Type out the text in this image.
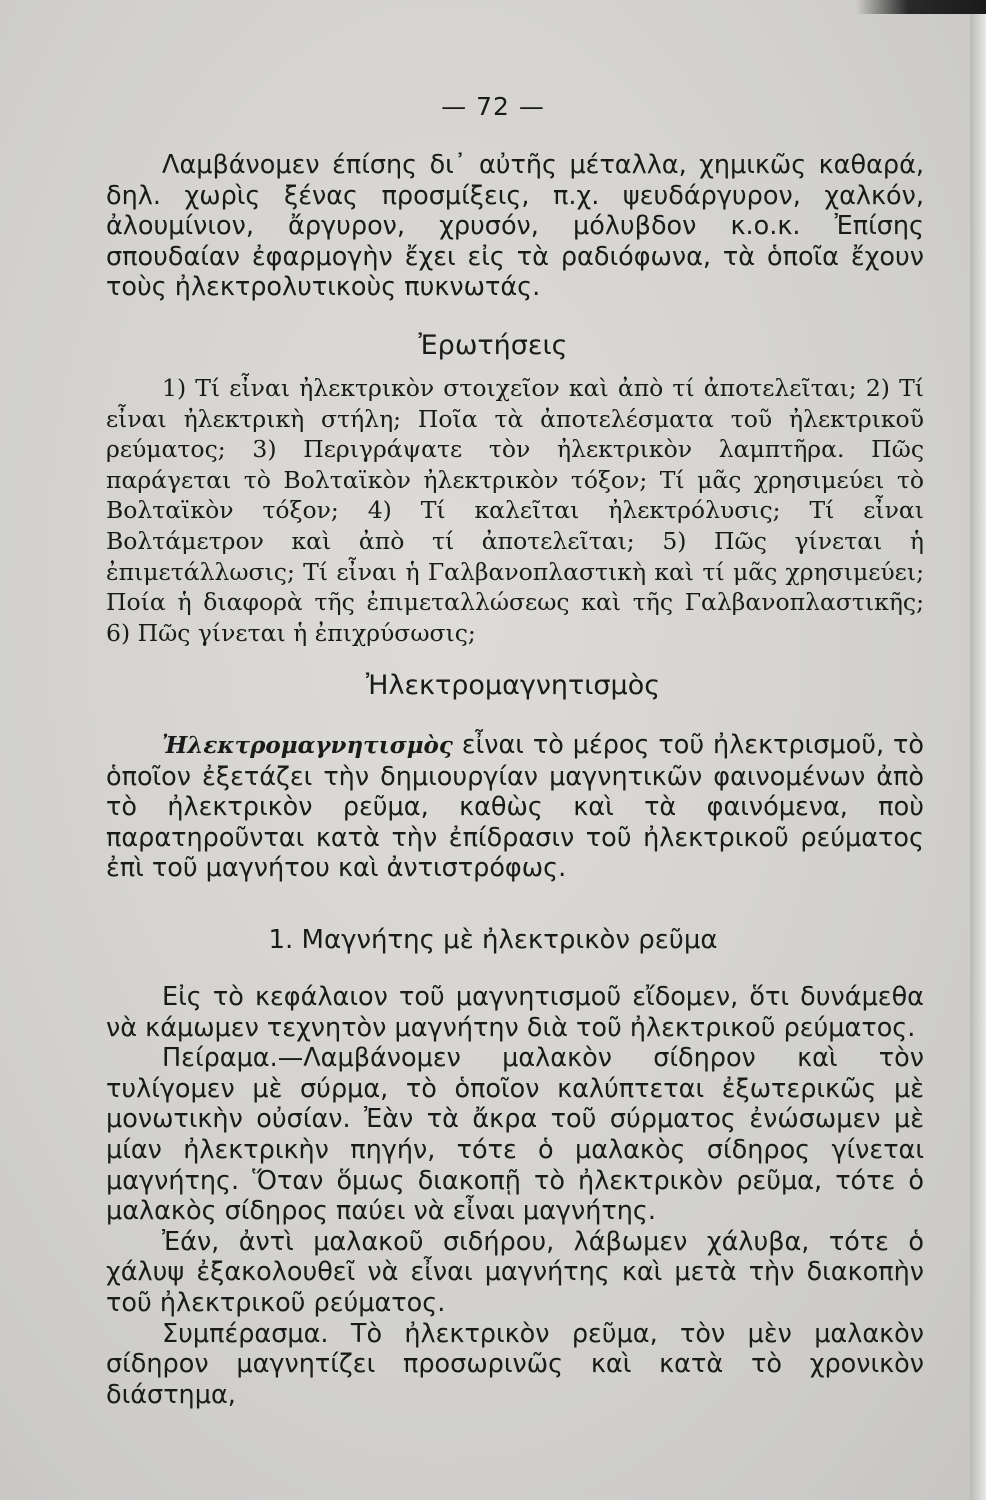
— 72 —

Λαμβάνομεν έπίσης δι᾽ αὐτῆς μέταλλα, χημικῶς καθαρά, δηλ. χωρὶς ξένας προσμίξεις, π.χ. ψευδάργυρον, χαλκόν, ἀλουμίνιον, ἄργυρον, χρυσόν, μόλυβδον κ.ο.κ. Ἐπίσης σπουδαίαν ἐφαρμογὴν ἔχει εἰς τὰ ραδιόφωνα, τὰ ὁποῖα ἔχουν τοὺς ἠλεκτρολυτικοὺς πυκνωτάς.

Ἐρωτήσεις

1) Τί εἶναι ἠλεκτρικὸν στοιχεῖον καὶ ἀπὸ τί ἀποτελεῖται; 2) Τί εἶναι ἠλεκτρικὴ στήλη; Ποῖα τὰ ἀποτελέσματα τοῦ ἠλεκτρικοῦ ρεύματος; 3) Περιγράψατε τὸν ἠλεκτρικὸν λαμπτῆρα. Πῶς παράγεται τὸ Βολταϊκὸν ἠλεκτρικὸν τόξον; Τί μᾶς χρησιμεύει τὸ Βολταϊκὸν τόξον; 4) Τί καλεῖται ἠλεκτρόλυσις; Τί εἶναι Βολτάμετρον καὶ ἀπὸ τί ἀποτελεῖται; 5) Πῶς γίνεται ἡ ἐπιμετάλλωσις; Τί εἶναι ἡ Γαλβανοπλαστικὴ καὶ τί μᾶς χρησιμεύει; Ποία ἡ διαφορὰ τῆς ἐπιμεταλλώσεως καὶ τῆς Γαλβανοπλαστικῆς; 6) Πῶς γίνεται ἡ ἐπιχρύσωσις;

Ἠλεκτρομαγνητισμὸς

Ἠλεκτρομαγνητισμὸς εἶναι τὸ μέρος τοῦ ἠλεκτρισμοῦ, τὸ ὁποῖον ἐξετάζει τὴν δημιουργίαν μαγνητικῶν φαινομένων ἀπὸ τὸ ἠλεκτρικὸν ρεῦμα, καθὼς καὶ τὰ φαινόμενα, ποὺ παρατηροῦνται κατὰ τὴν ἐπίδρασιν τοῦ ἠλεκτρικοῦ ρεύματος ἐπὶ τοῦ μαγνήτου καὶ ἀντιστρόφως.

1. Μαγνήτης μὲ ἠλεκτρικὸν ρεῦμα

Εἰς τὸ κεφάλαιον τοῦ μαγνητισμοῦ εἴδομεν, ὅτι δυνάμεθα νὰ κάμωμεν τεχνητὸν μαγνήτην διὰ τοῦ ἠλεκτρικοῦ ρεύματος.

Πείραμα.—Λαμβάνομεν μαλακὸν σίδηρον καὶ τὸν τυλίγομεν μὲ σύρμα, τὸ ὁποῖον καλύπτεται ἐξωτερικῶς μὲ μονωτικὴν οὐσίαν. Ἐὰν τὰ ἄκρα τοῦ σύρματος ἐνώσωμεν μὲ μίαν ἠλεκτρικὴν πηγήν, τότε ὁ μαλακὸς σίδηρος γίνεται μαγνήτης. Ὅταν ὅμως διακοπῇ τὸ ἠλεκτρικὸν ρεῦμα, τότε ὁ μαλακὸς σίδηρος παύει νὰ εἶναι μαγνήτης.

Ἐάν, ἀντὶ μαλακοῦ σιδήρου, λάβωμεν χάλυβα, τότε ὁ χάλυψ ἐξακολουθεῖ νὰ εἶναι μαγνήτης καὶ μετὰ τὴν διακοπὴν τοῦ ἠλεκτρικοῦ ρεύματος.

Συμπέρασμα. Τὸ ἠλεκτρικὸν ρεῦμα, τὸν μὲν μαλακὸν σίδηρον μαγνητίζει προσωρινῶς καὶ κατὰ τὸ χρονικὸν διάστημα,
